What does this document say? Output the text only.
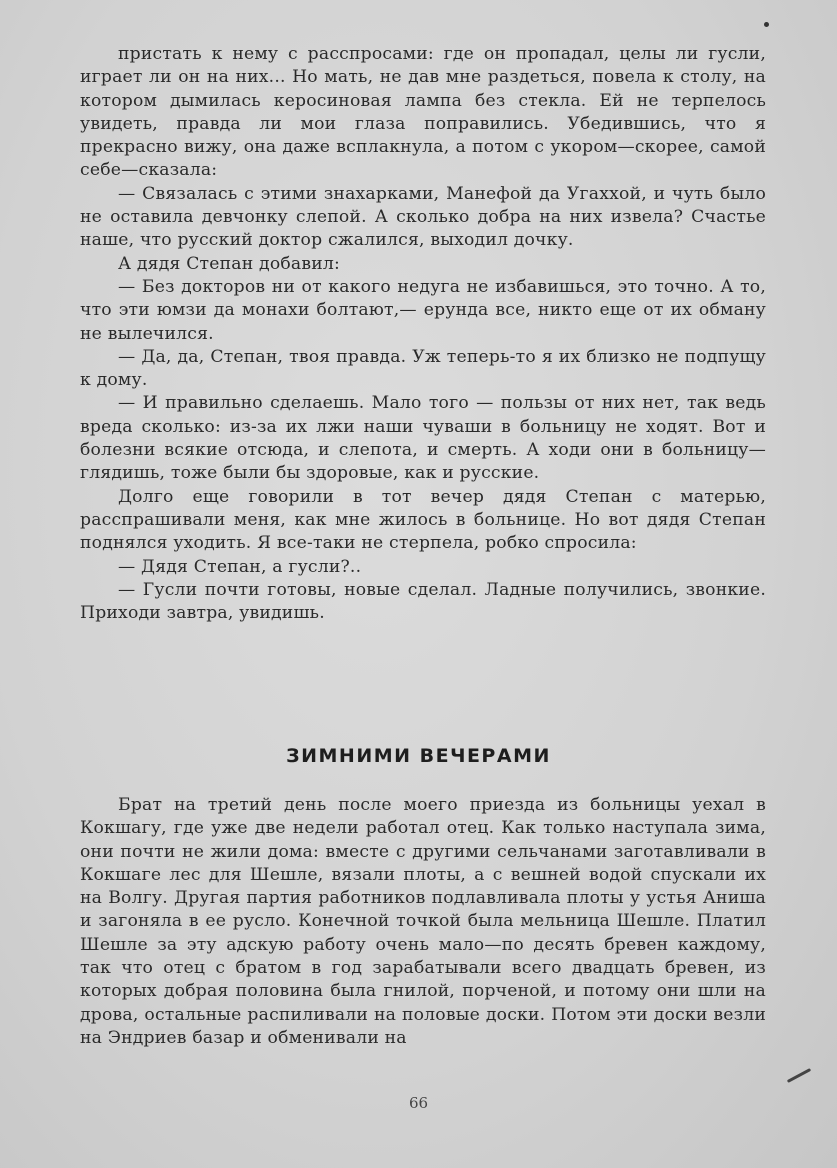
пристать к нему с расспросами: где он пропадал, целы ли гусли, играет ли он на них... Но мать, не дав мне раздеться, повела к столу, на котором дымилась керосиновая лампа без стекла. Ей не терпелось увидеть, правда ли мои глаза поправились. Убедившись, что я прекрасно вижу, она даже всплакнула, а потом с укором—скорее, самой себе—сказала:

— Связалась с этими знахарками, Манефой да Угаххой, и чуть было не оставила девчонку слепой. А сколько добра на них извела? Счастье наше, что русский доктор сжалился, выходил дочку.

А дядя Степан добавил:

— Без докторов ни от какого недуга не избавишься, это точно. А то, что эти юмзи да монахи болтают,— ерунда все, никто еще от их обману не вылечился.

— Да, да, Степан, твоя правда. Уж теперь-то я их близко не подпущу к дому.

— И правильно сделаешь. Мало того — пользы от них нет, так ведь вреда сколько: из-за их лжи наши чуваши в больницу не ходят. Вот и болезни всякие отсюда, и слепота, и смерть. А ходи они в больницу—глядишь, тоже были бы здоровые, как и русские.

Долго еще говорили в тот вечер дядя Степан с матерью, расспрашивали меня, как мне жилось в больнице. Но вот дядя Степан поднялся уходить. Я все-таки не стерпела, робко спросила:

— Дядя Степан, а гусли?..

— Гусли почти готовы, новые сделал. Ладные получились, звонкие. Приходи завтра, увидишь.

ЗИМНИМИ ВЕЧЕРАМИ

Брат на третий день после моего приезда из больницы уехал в Кокшагу, где уже две недели работал отец. Как только наступала зима, они почти не жили дома: вместе с другими сельчанами заготавливали в Кокшаге лес для Шешле, вязали плоты, а с вешней водой спускали их на Волгу. Другая партия работников подлавливала плоты у устья Аниша и загоняла в ее русло. Конечной точкой была мельница Шешле. Платил Шешле за эту адскую работу очень мало—по десять бревен каждому, так что отец с братом в год зарабатывали всего двадцать бревен, из которых добрая половина была гнилой, порченой, и потому они шли на дрова, остальные распиливали на половые доски. Потом эти доски везли на Эндриев базар и обменивали на

66
